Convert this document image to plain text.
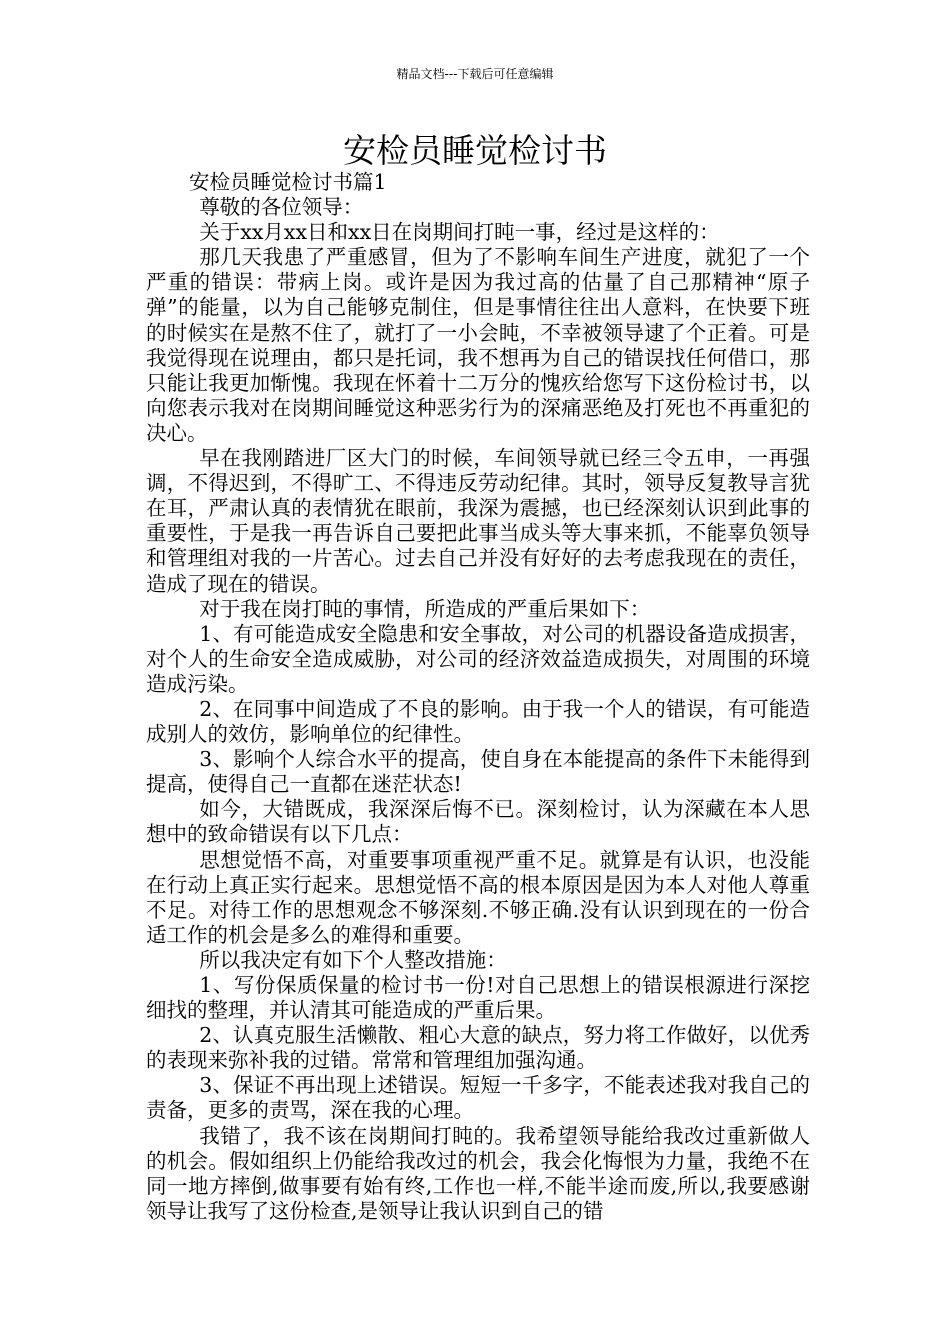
精品文档---下载后可任意编辑
安检员睡觉检讨书

安检员睡觉检讨书篇1

尊敬的各位领导：

关于xx月xx日和xx日在岗期间打盹一事，经过是这样的：

那几天我患了严重感冒，但为了不影响车间生产进度，就犯了一个严重的错误：带病上岗。或许是因为我过高的估量了自己那精神“原子弹”的能量，以为自己能够克制住，但是事情往往出人意料，在快要下班的时候实在是熬不住了，就打了一小会盹，不幸被领导逮了个正着。可是我觉得现在说理由，都只是托词，我不想再为自己的错误找任何借口，那只能让我更加惭愧。我现在怀着十二万分的愧疚给您写下这份检讨书，以向您表示我对在岗期间睡觉这种恶劣行为的深痛恶绝及打死也不再重犯的决心。

早在我刚踏进厂区大门的时候，车间领导就已经三令五申，一再强调，不得迟到，不得旷工、不得违反劳动纪律。其时，领导反复教导言犹在耳，严肃认真的表情犹在眼前，我深为震撼，也已经深刻认识到此事的重要性，于是我一再告诉自己要把此事当成头等大事来抓，不能辜负领导和管理组对我的一片苦心。过去自己并没有好好的去考虑我现在的责任，造成了现在的错误。

对于我在岗打盹的事情，所造成的严重后果如下：

1、有可能造成安全隐患和安全事故，对公司的机器设备造成损害，对个人的生命安全造成威胁，对公司的经济效益造成损失，对周围的环境造成污染。

2、在同事中间造成了不良的影响。由于我一个人的错误，有可能造成别人的效仿，影响单位的纪律性。

3、影响个人综合水平的提高，使自身在本能提高的条件下未能得到提高，使得自己一直都在迷茫状态!

如今，大错既成，我深深后悔不已。深刻检讨，认为深藏在本人思想中的致命错误有以下几点：

思想觉悟不高，对重要事项重视严重不足。就算是有认识，也没能在行动上真正实行起来。思想觉悟不高的根本原因是因为本人对他人尊重不足。对待工作的思想观念不够深刻.不够正确.没有认识到现在的一份合适工作的机会是多么的难得和重要。

所以我决定有如下个人整改措施：

1、写份保质保量的检讨书一份!对自己思想上的错误根源进行深挖细找的整理，并认清其可能造成的严重后果。

2、认真克服生活懒散、粗心大意的缺点，努力将工作做好，以优秀的表现来弥补我的过错。常常和管理组加强沟通。

3、保证不再出现上述错误。短短一千多字，不能表述我对我自己的责备，更多的责骂，深在我的心理。

我错了，我不该在岗期间打盹的。我希望领导能给我改过重新做人的机会。假如组织上仍能给我改过的机会，我会化悔恨为力量，我绝不在同一地方摔倒,做事要有始有终,工作也一样,不能半途而废,所以,我要感谢领导让我写了这份检查,是领导让我认识到自己的错
